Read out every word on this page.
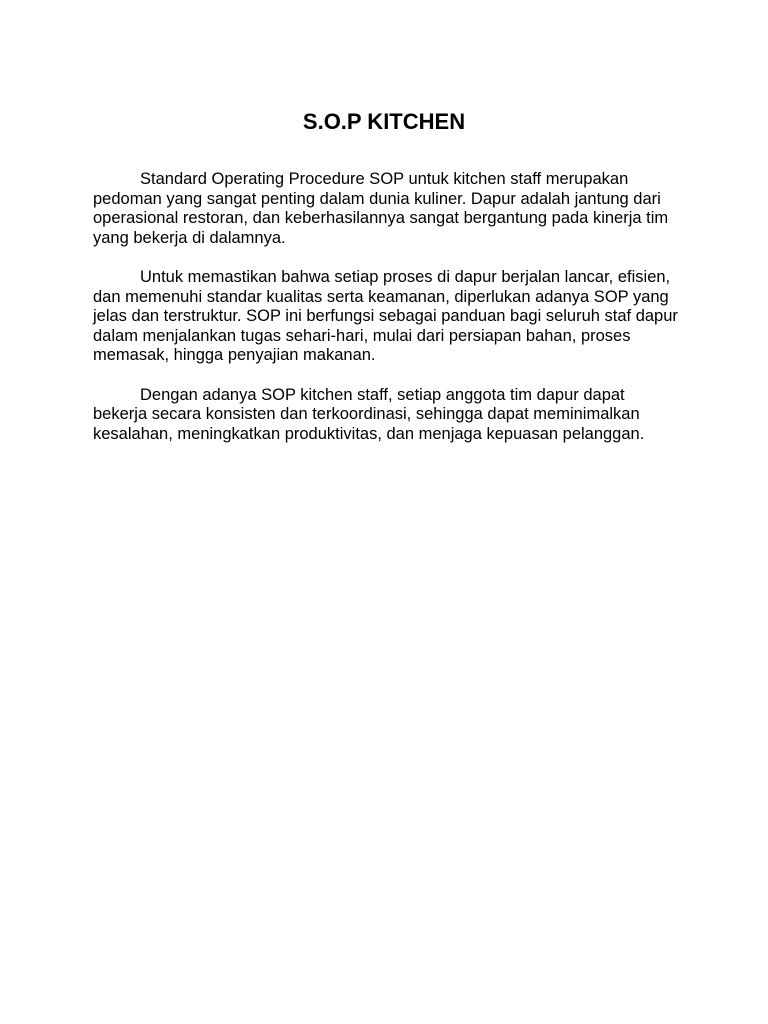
S.O.P KITCHEN

Standard Operating Procedure SOP untuk kitchen staff merupakan pedoman yang sangat penting dalam dunia kuliner. Dapur adalah jantung dari operasional restoran, dan keberhasilannya sangat bergantung pada kinerja tim yang bekerja di dalamnya.

Untuk memastikan bahwa setiap proses di dapur berjalan lancar, efisien, dan memenuhi standar kualitas serta keamanan, diperlukan adanya SOP yang jelas dan terstruktur. SOP ini berfungsi sebagai panduan bagi seluruh staf dapur dalam menjalankan tugas sehari-hari, mulai dari persiapan bahan, proses memasak, hingga penyajian makanan.

Dengan adanya SOP kitchen staff, setiap anggota tim dapur dapat bekerja secara konsisten dan terkoordinasi, sehingga dapat meminimalkan kesalahan, meningkatkan produktivitas, dan menjaga kepuasan pelanggan.
